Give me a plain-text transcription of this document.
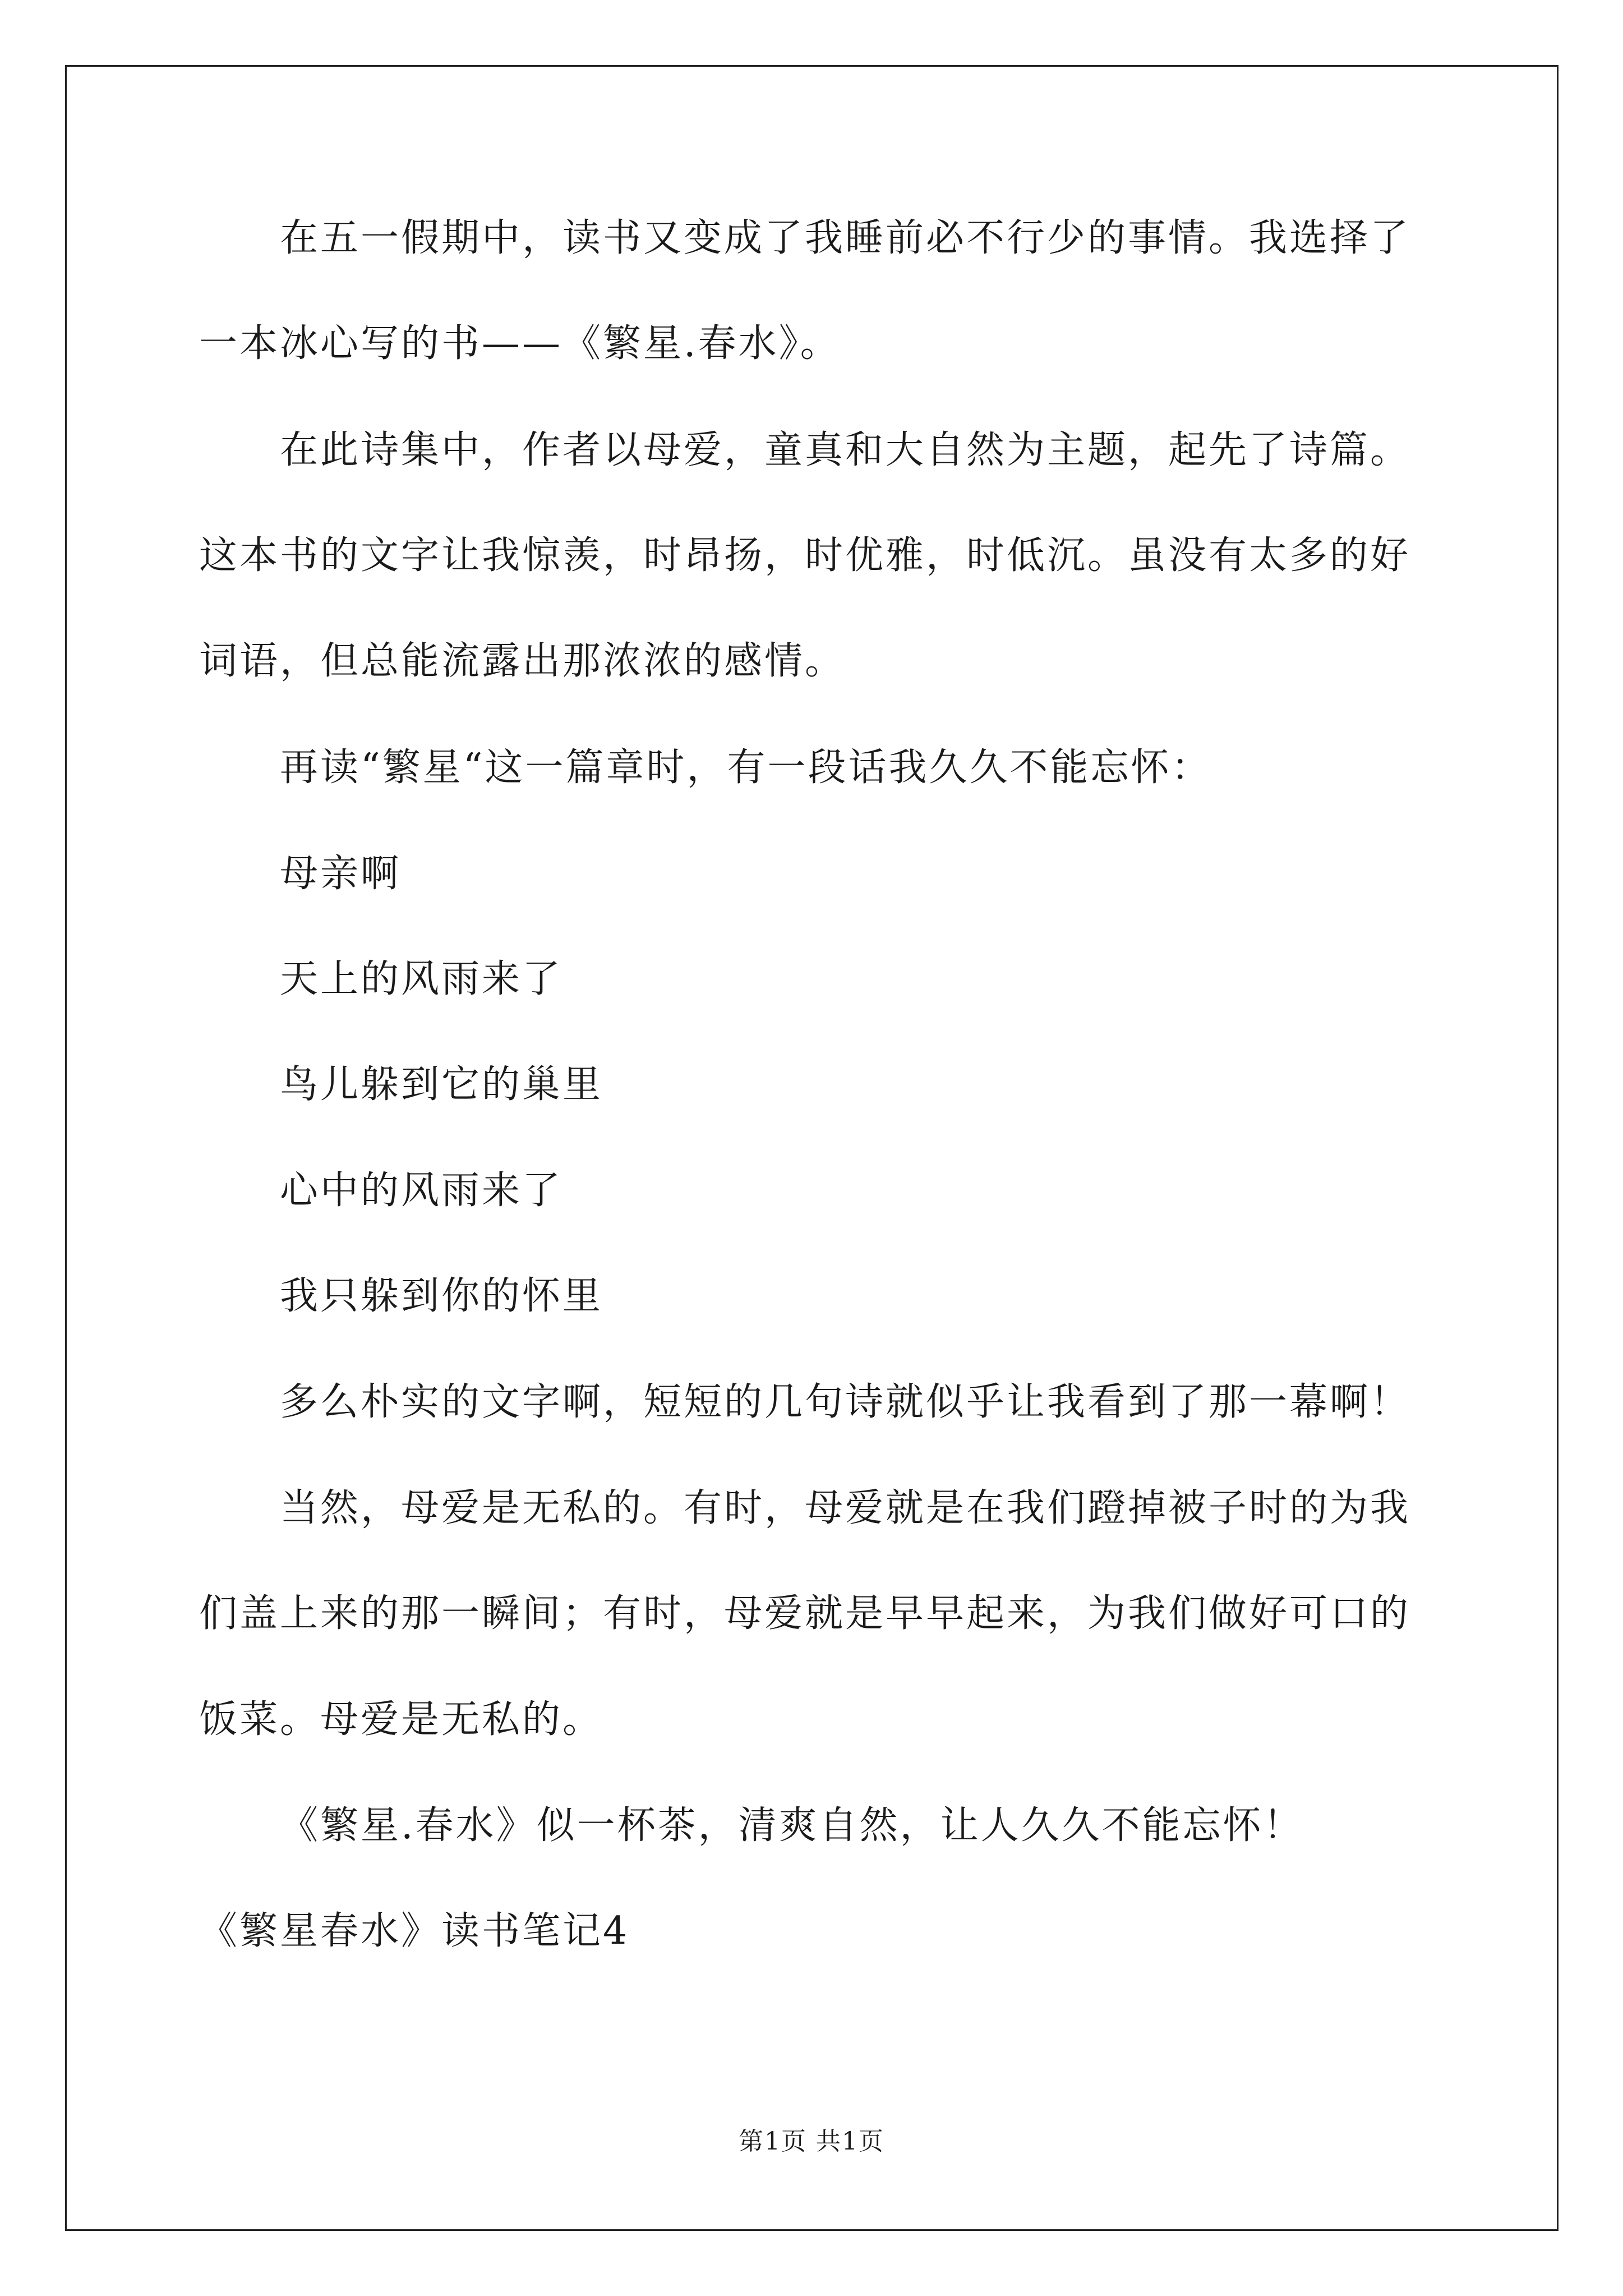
在五一假期中，读书又变成了我睡前必不行少的事情。我选择了
一本冰心写的书——《繁星.春水》。
在此诗集中，作者以母爱，童真和大自然为主题，起先了诗篇。
这本书的文字让我惊羡，时昂扬，时优雅，时低沉。虽没有太多的好
词语，但总能流露出那浓浓的感情。
再读“繁星“这一篇章时，有一段话我久久不能忘怀：
母亲啊
天上的风雨来了
鸟儿躲到它的巢里
心中的风雨来了
我只躲到你的怀里
多么朴实的文字啊，短短的几句诗就似乎让我看到了那一幕啊！
当然，母爱是无私的。有时，母爱就是在我们蹬掉被子时的为我
们盖上来的那一瞬间；有时，母爱就是早早起来，为我们做好可口的
饭菜。母爱是无私的。
《繁星.春水》似一杯茶，清爽自然，让人久久不能忘怀！
《繁星春水》读书笔记4
第1页 共1页
